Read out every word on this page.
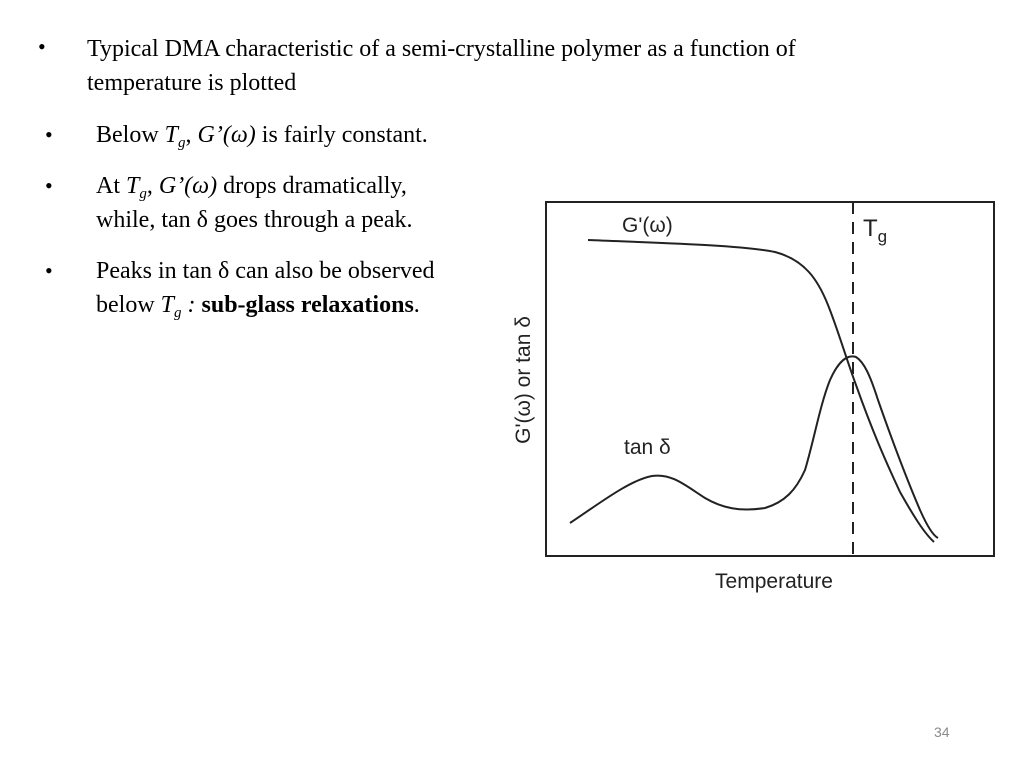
• Typical DMA characteristic of a semi-crystalline polymer as a function of
temperature is plotted
• Below $T_g$, G’(ω) is fairly constant.
• At $T_g$, G’(ω) drops dramatically,
while, tan δ goes through a peak.
• Peaks in tan δ can also be observed
below $T_g$ : sub-glass relaxations.
G'(ω)
tan δ
$T_g$
G'(ω) or tan δ
Temperature
34
